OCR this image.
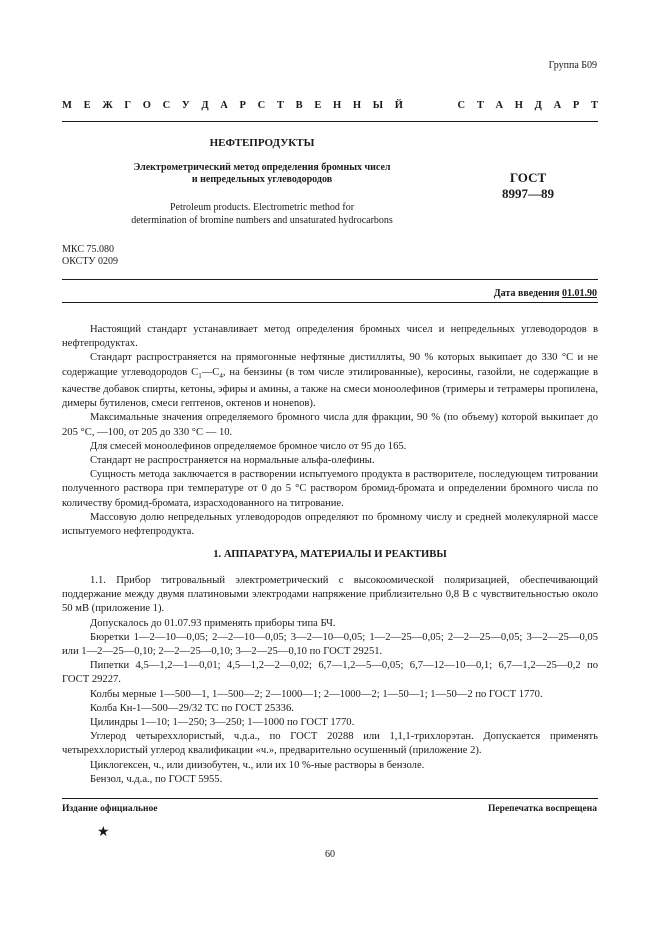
Группа Б09
М Е Ж Г О С У Д А Р С Т В Е Н Н Ы Й

	С Т А Н Д А Р Т
НЕФТЕПРОДУКТЫ
Электрометрический метод определения бромных чисел
и непредельных углеводородов
Petroleum products. Electrometric method for
determination of bromine numbers and unsaturated hydrocarbons
ГОСТ
8997—89
МКС 75.080
ОКСТУ 0209
Дата введения 01.01.90

Настоящий стандарт устанавливает метод определения бромных чисел и непредельных углеводородов в нефтепродуктах.

Стандарт распространяется на прямогонные нефтяные дистилляты, 90 % которых выкипает до 330 °С и не содержащие углеводородов $С_1—С_4$, на бензины (в том числе этилированные), керосины, газойли, не содержащие в качестве добавок спирты, кетоны, эфиры и амины, а также на смеси моноолефинов (тримеры и тетрамеры пропилена, димеры бутиленов, смеси гептенов, октенов и нонenов).

Максимальные значения определяемого бромного числа для фракции, 90 % (по объему) которой выкипает до 205 °С, —100, от 205 до 330 °С — 10.

Для смесей моноолефинов определяемое бромное число от 95 до 165.

Стандарт не распространяется на нормальные альфа-олефины.

Сущность метода заключается в растворении испытуемого продукта в растворителе, последующем титровании полученного раствора при температуре от 0 до 5 °С раствором бромид-бромата и определении бромного числа по количеству бромид-бромата, израсходованного на титрование.

Массовую долю непредельных углеводородов определяют по бромному числу и средней молекулярной массе испытуемого нефтепродукта.

1. АППАРАТУРА, МАТЕРИАЛЫ И РЕАКТИВЫ

1.1. Прибор титровальный электрометрический с высокоомической поляризацией, обеспечивающий поддержание между двумя платиновыми электродами напряжение приблизительно 0,8 В с чувствительностью около 50 мВ (приложение 1).

Допускалось до 01.07.93 применять приборы типа БЧ.

Бюретки 1—2—10—0,05; 2—2—10—0,05; 3—2—10—0,05; 1—2—25—0,05; 2—2—25—0,05; 3—2—25—0,05 или 1—2—25—0,10; 2—2—25—0,10; 3—2—25—0,10 по ГОСТ 29251.

Пипетки 4,5—1,2—1—0,01; 4,5—1,2—2—0,02; 6,7—1,2—5—0,05; 6,7—12—10—0,1; 6,7—1,2—25—0,2 по ГОСТ 29227.

Колбы мерные 1—500—1, 1—500—2; 2—1000—1; 2—1000—2; 1—50—1; 1—50—2 по ГОСТ 1770.

Колба Кн-1—500—29/32 ТС по ГОСТ 25336.

Цилиндры 1—10; 1—250; 3—250; 1—1000 по ГОСТ 1770.

Углерод четыреххлористый, ч.д.а., по ГОСТ 20288 или 1,1,1-трихлорэтан. Допускается применять четыреххлористый углерод квалификации «ч.», предварительно осушенный (приложение 2).

Циклогексен, ч., или диизобутен, ч., или их 10 %-ные растворы в бензоле.

Бензол, ч.д.а., по ГОСТ 5955.

Издание официальное	Перепечатка воспрещена
★
60
